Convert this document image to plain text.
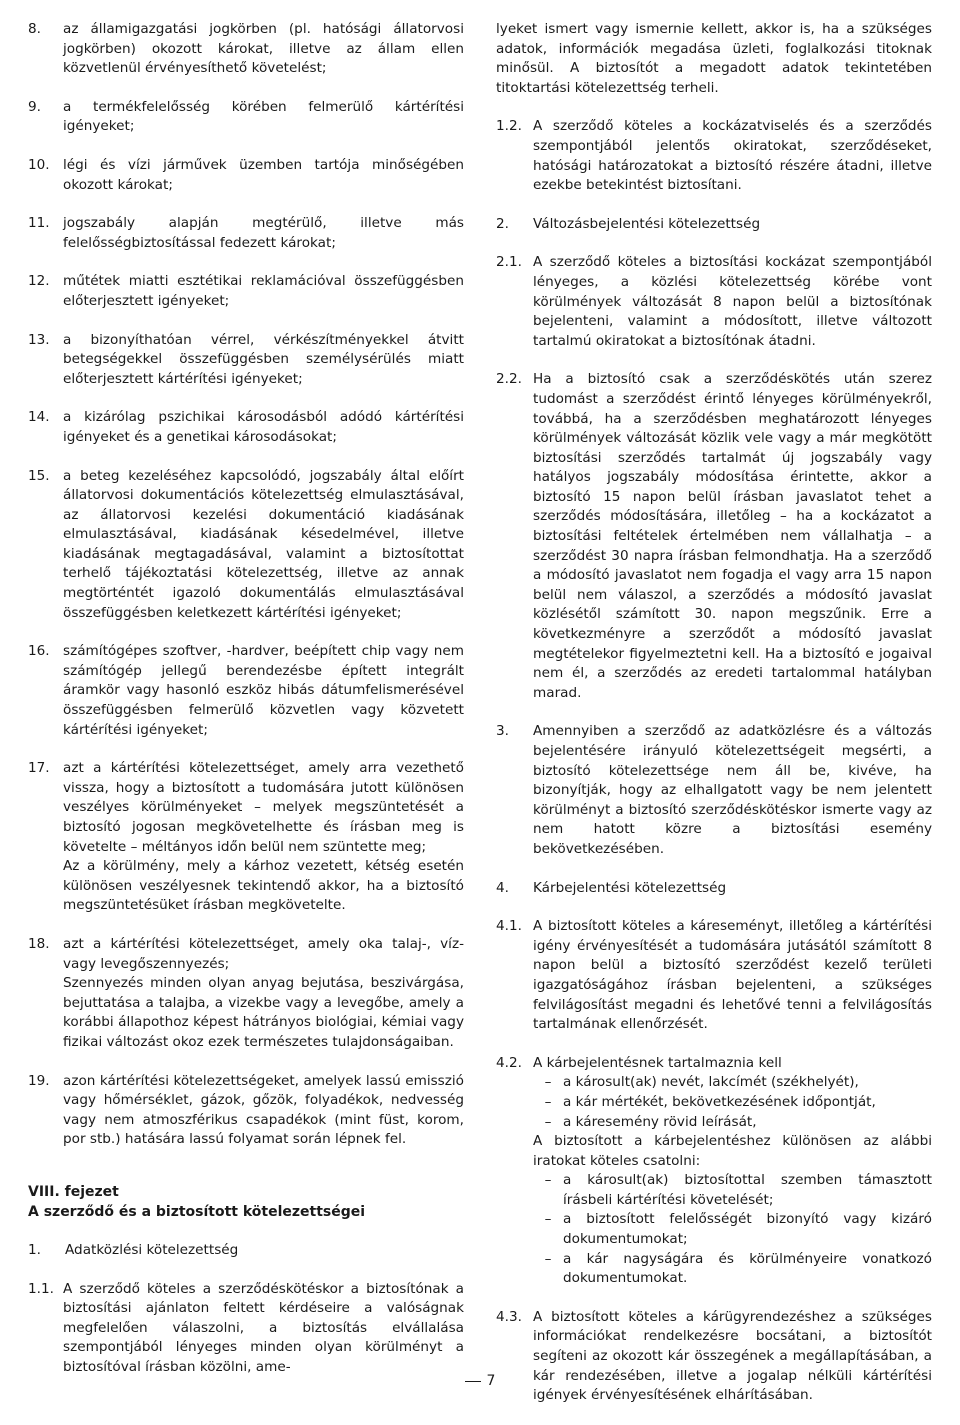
8.	az államigazgatási jogkörben (pl. hatósági állatorvosi jogkörben) okozott károkat, illetve az állam ellen közvetlenül érvényesíthető követelést;

9.	a termékfelelősség körében felmerülő kártérítési igényeket;

10. légi és vízi járművek üzemben tartója minőségében okozott károkat;

11. jogszabály alapján megtérülő, illetve más felelősségbiztosítással fedezett károkat;

12. műtétek miatti esztétikai reklamációval összefüggésben előterjesztett igényeket;

13. a bizonyíthatóan vérrel, vérkészítményekkel átvitt betegségekkel összefüggésben személysérülés miatt előterjesztett kártérítési igényeket;

14. a kizárólag pszichikai károsodásból adódó kártérítési igényeket és a genetikai károsodásokat;

15. a beteg kezeléséhez kapcsolódó, jogszabály által előírt állatorvosi dokumentációs kötelezettség elmulasztásával, az állatorvosi kezelési dokumentáció kiadásának elmulasztásával, kiadásának késedelmével, illetve kiadásának megtagadásával, valamint a biztosítottat terhelő tájékoztatási kötelezettség, illetve az annak megtörténtét igazoló dokumentálás elmulasztásával összefüggésben keletkezett kártérítési igényeket;

16. számítógépes szoftver, -hardver, beépített chip vagy nem számítógép jellegű berendezésbe épített integrált áramkör vagy hasonló eszköz hibás dátumfelismerésével összefüggésben felmerülő közvetlen vagy közvetett kártérítési igényeket;

17. azt a kártérítési kötelezettséget, amely arra vezethető vissza, hogy a biztosított a tudomására jutott különösen veszélyes körülményeket – melyek megszüntetését a biztosító jogosan megkövetelhette és írásban meg is követelte – méltányos időn belül nem szüntette meg;

Az a körülmény, mely a kárhoz vezetett, kétség esetén különösen veszélyesnek tekintendő akkor, ha a biztosító megszüntetésüket írásban megkövetelte.

18. azt a kártérítési kötelezettséget, amely oka talaj-, víz- vagy levegőszennyezés;

Szennyezés minden olyan anyag bejutása, beszivárgása, bejuttatása a talajba, a vizekbe vagy a levegőbe, amely a korábbi állapothoz képest hátrányos biológiai, kémiai vagy fizikai változást okoz ezek természetes tulajdonságaiban.

19. azon kártérítési kötelezettségeket, amelyek lassú emisszió vagy hőmérséklet, gázok, gőzök, folyadékok, nedvesség vagy nem atmoszférikus csapadékok (mint füst, korom, por stb.) hatására lassú folyamat során lépnek fel.

VIII. fejezet
A szerződő és a biztosított kötelezettségei
1.	Adatközlési kötelezettség
1.1. A szerződő köteles a szerződéskötéskor a biztosítónak a biztosítási ajánlaton feltett kérdéseire a valóságnak megfelelően válaszolni, a biztosítás elvállalása szempontjából lényeges minden olyan körülményt a biztosítóval írásban közölni, ame-

lyeket ismert vagy ismernie kellett, akkor is, ha a szükséges adatok, információk megadása üzleti, foglalkozási titoknak minősül. A biztosítót a megadott adatok tekintetében titoktartási kötelezettség terheli.

1.2. A szerződő köteles a kockázatviselés és a szerződés szempontjából jelentős okiratokat, szerződéseket, hatósági határozatokat a biztosító részére átadni, illetve ezekbe betekintést biztosítani.

2.	Változásbejelentési kötelezettség
2.1. A szerződő köteles a biztosítási kockázat szempontjából lényeges, a közlési kötelezettség körébe vont körülmények változását 8 napon belül a biztosítónak bejelenteni, valamint a módosított, illetve változott tartalmú okiratokat a biztosítónak átadni.

2.2. Ha a biztosító csak a szerződéskötés után szerez tudomást a szerződést érintő lényeges körülményekről, továbbá, ha a szerződésben meghatározott lényeges körülmények változását közlik vele vagy a már megkötött biztosítási szerződés tartalmát új jogszabály vagy hatályos jogszabály módosítása érintette, akkor a biztosító 15 napon belül írásban javaslatot tehet a szerződés módosítására, illetőleg – ha a kockázatot a biztosítási feltételek értelmében nem vállalhatja – a szerződést 30 napra írásban felmondhatja. Ha a szerződő a módosító javaslatot nem fogadja el vagy arra 15 napon belül nem válaszol, a szerződés a módosító javaslat közlésétől számított 30. napon megszűnik. Erre a következményre a szerződőt a módosító javaslat megtételekor figyelmeztetni kell. Ha a biztosító e jogaival nem él, a szerződés az eredeti tartalommal hatályban marad.

3.	Amennyiben a szerződő az adatközlésre és a változás bejelentésére irányuló kötelezettségeit megsérti, a biztosító kötelezettsége nem áll be, kivéve, ha bizonyítják, hogy az elhallgatott vagy be nem jelentett körülményt a biztosító szerződéskötéskor ismerte vagy az nem hatott közre a biztosítási esemény bekövetkezésében.

4.	Kárbejelentési kötelezettség
4.1. A biztosított köteles a káreseményt, illetőleg a kártérítési igény érvényesítését a tudomására jutásától számított 8 napon belül a biztosító szerződést kezelő területi igazgatóságához írásban bejelenteni, a szükséges felvilágosítást megadni és lehetővé tenni a felvilágosítás tartalmának ellenőrzését.

4.2. A kárbejelentésnek tartalmaznia kell

– a károsult(ak) nevét, lakcímét (székhelyét),
– a kár mértékét, bekövetkezésének időpontját,
– a káresemény rövid leírását,

A biztosított a kárbejelentéshez különösen az alábbi iratokat köteles csatolni:

– a károsult(ak) biztosítottal szemben támasztott írásbeli kártérítési követelését;
– a biztosított felelősségét bizonyító vagy kizáró dokumentumokat;
– a kár nagyságára és körülményeire vonatkozó dokumentumokat.
4.3. A biztosított köteles a kárügyrendezéshez a szükséges információkat rendelkezésre bocsátani, a biztosítót segíteni az okozott kár összegének a megállapításában, a kár rendezésében, illetve a jogalap nélküli kártérítési igények érvényesítésének elhárításában.

7
